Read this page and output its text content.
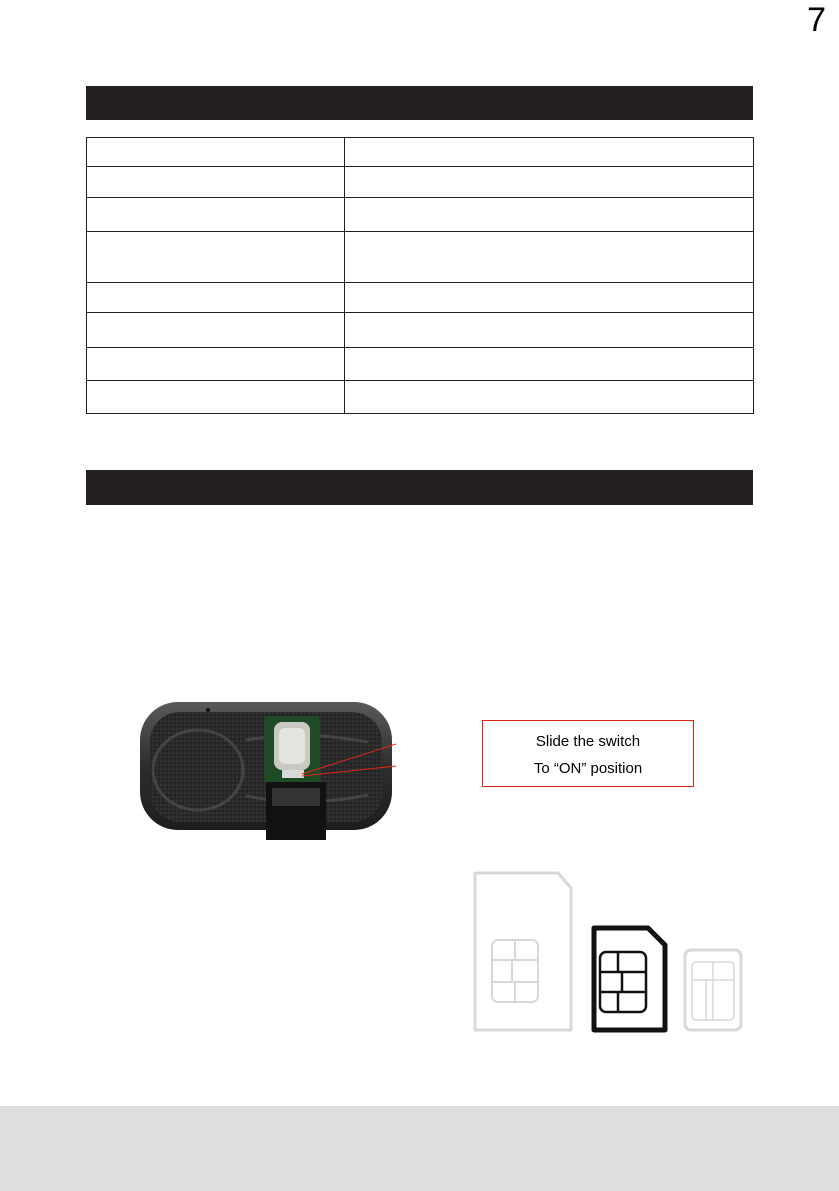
7

Slide the switch
To “ON” position
